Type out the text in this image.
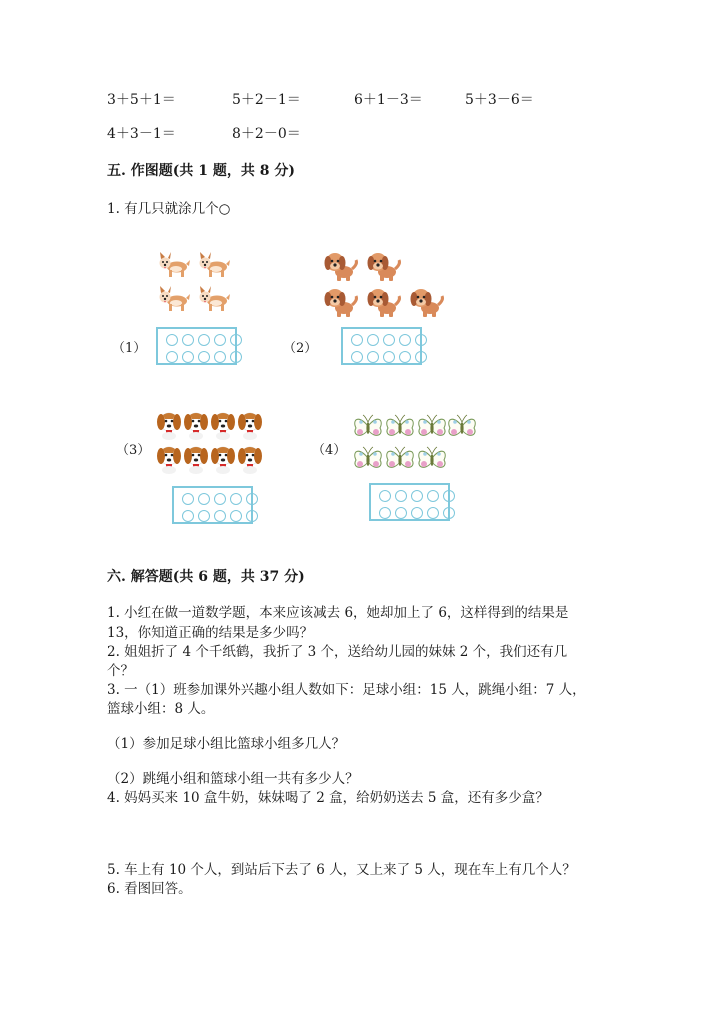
3＋5＋1＝	5＋2－1＝	6＋1－3＝	5＋3－6＝
4＋3－1＝	8＋2－0＝
五. 作图题(共 1 题，共 8 分)
1. 有几只就涂几个○
（1）	（2）
（3）	（4）
六. 解答题(共 6 题，共 37 分)
1. 小红在做一道数学题，本来应该减去 6，她却加上了 6，这样得到的结果是
13，你知道正确的结果是多少吗？
2. 姐姐折了 4 个千纸鹤，我折了 3 个，送给幼儿园的妹妹 2 个，我们还有几
个？
3. 一（1）班参加课外兴趣小组人数如下：足球小组：15 人，跳绳小组：7 人，
篮球小组：8 人。
（1）参加足球小组比篮球小组多几人？
（2）跳绳小组和篮球小组一共有多少人？
4. 妈妈买来 10 盒牛奶，妹妹喝了 2 盒，给奶奶送去 5 盒，还有多少盒？
5. 车上有 10 个人，到站后下去了 6 人，又上来了 5 人，现在车上有几个人？
6. 看图回答。
